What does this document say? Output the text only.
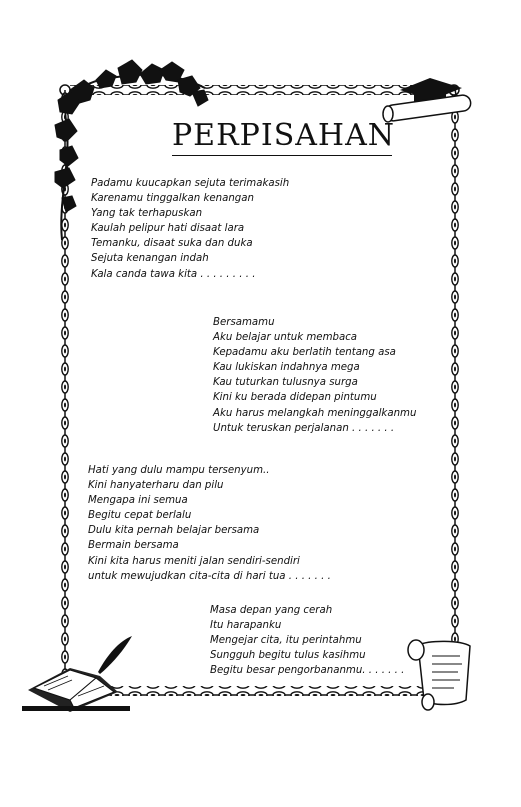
PERPISAHAN
Padamu kuucapkan sejuta terimakasih
Karenamu tinggalkan kenangan
Yang tak terhapuskan
Kaulah pelipur hati disaat lara
Temanku, disaat suka dan duka
Sejuta kenangan indah
Kala canda tawa kita . . . . . . . . .
Bersamamu
Aku belajar untuk membaca
Kepadamu aku berlatih tentang asa
Kau lukiskan indahnya mega
Kau tuturkan tulusnya surga
Kini ku berada didepan pintumu
Aku harus melangkah meninggalkanmu
Untuk teruskan perjalanan . . . . . . .
Hati yang dulu mampu tersenyum..
Kini hanyaterharu dan pilu
Mengapa ini semua
Begitu cepat berlalu
Dulu kita pernah belajar bersama
Bermain bersama
Kini kita harus meniti jalan sendiri-sendiri
untuk mewujudkan cita-cita di hari tua . . . . . . .
Masa depan yang cerah
Itu harapanku
Mengejar cita, itu perintahmu
Sungguh begitu tulus kasihmu
Begitu besar pengorbananmu. . . . . . .
